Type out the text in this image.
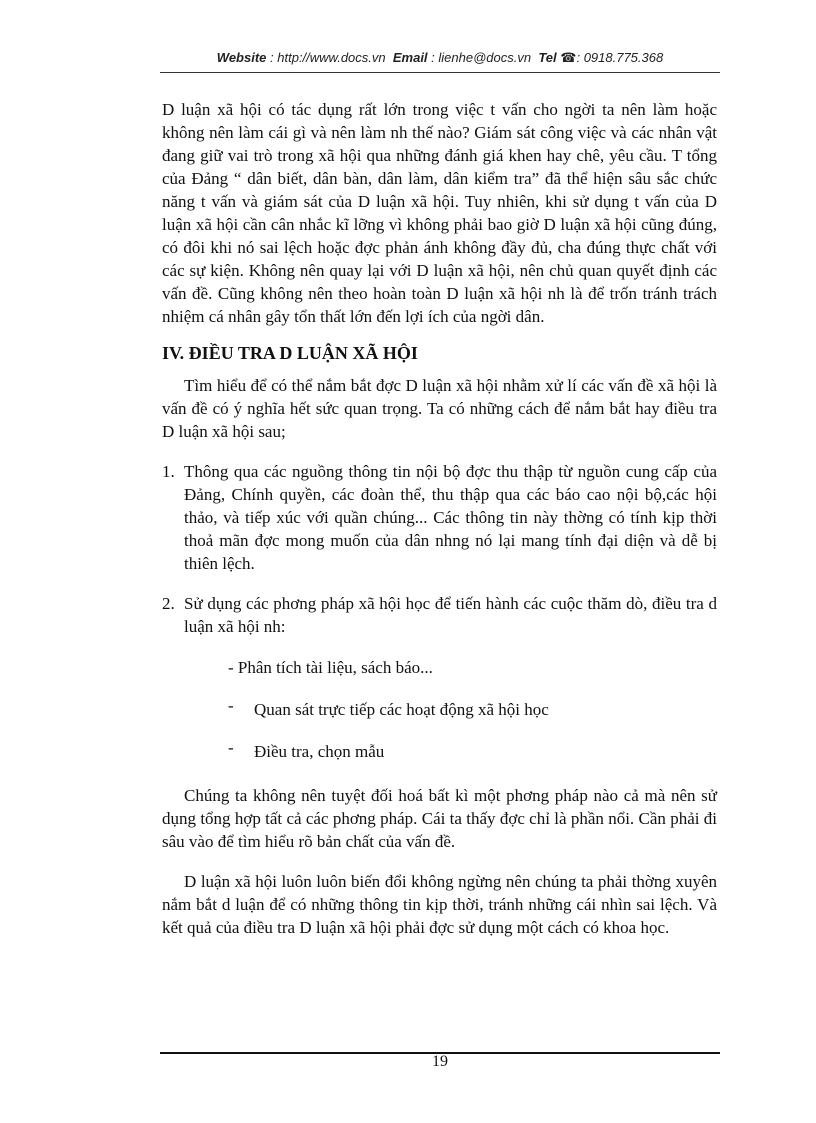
Website : http://www.docs.vn Email : lienhe@docs.vn Tel ☎: 0918.775.368

D luận xã hội có tác dụng rất lớn trong việc t vấn cho ngời ta nên làm hoặc không nên làm cái gì và nên làm nh thế nào? Giám sát công việc và các nhân vật đang giữ vai trò trong xã hội qua những đánh giá khen hay chê, yêu cầu. T tổng của Đảng “ dân biết, dân bàn, dân làm, dân kiểm tra” đã thể hiện sâu sắc chức năng t vấn và giám sát của D luận xã hội. Tuy nhiên, khi sử dụng t vấn của D luận xã hội cần cân nhắc kĩ lỡng vì không phải bao giờ D luận xã hội cũng đúng, có đôi khi nó sai lệch hoặc đợc phản ánh không đầy đủ, cha đúng thực chất với các sự kiện. Không nên quay lại với D luận xã hội, nên chủ quan quyết định các vấn đề. Cũng không nên theo hoàn toàn D luận xã hội nh là để trốn tránh trách nhiệm cá nhân gây tổn thất lớn đến lợi ích của ngời dân.

IV. ĐIỀU TRA D LUẬN XÃ HỘI

Tìm hiểu để có thể nắm bắt đợc D luận xã hội nhằm xử lí các vấn đề xã hội là vấn đề có ý nghĩa hết sức quan trọng. Ta có những cách để nắm bắt hay điều tra D luận xã hội sau;

1. Thông qua các nguồng thông tin nội bộ đợc thu thập từ nguồn cung cấp của Đảng, Chính quyền, các đoàn thể, thu thập qua các báo cao nội bộ,các hội thảo, và tiếp xúc với quần chúng... Các thông tin này thờng có tính kịp thời thoả mãn đợc mong muốn của dân nhng nó lại mang tính đại diện và dễ bị thiên lệch.
2. Sử dụng các phơng pháp xã hội học để tiến hành các cuộc thăm dò, điều tra d luận xã hội nh:

- Phân tích tài liệu, sách báo...

- Quan sát trực tiếp các hoạt động xã hội học

- Điều tra, chọn mẫu

Chúng ta không nên tuyệt đối hoá bất kì một phơng pháp nào cả mà nên sử dụng tổng hợp tất cả các phơng pháp. Cái ta thấy đợc chỉ là phần nổi. Cần phải đi sâu vào để tìm hiểu rõ bản chất của vấn đề.

D luận xã hội luôn luôn biến đổi không ngừng nên chúng ta phải thờng xuyên nắm bắt d luận để có những thông tin kịp thời, tránh những cái nhìn sai lệch. Và kết quả của điều tra D luận xã hội phải đợc sử dụng một cách có khoa học.

19
